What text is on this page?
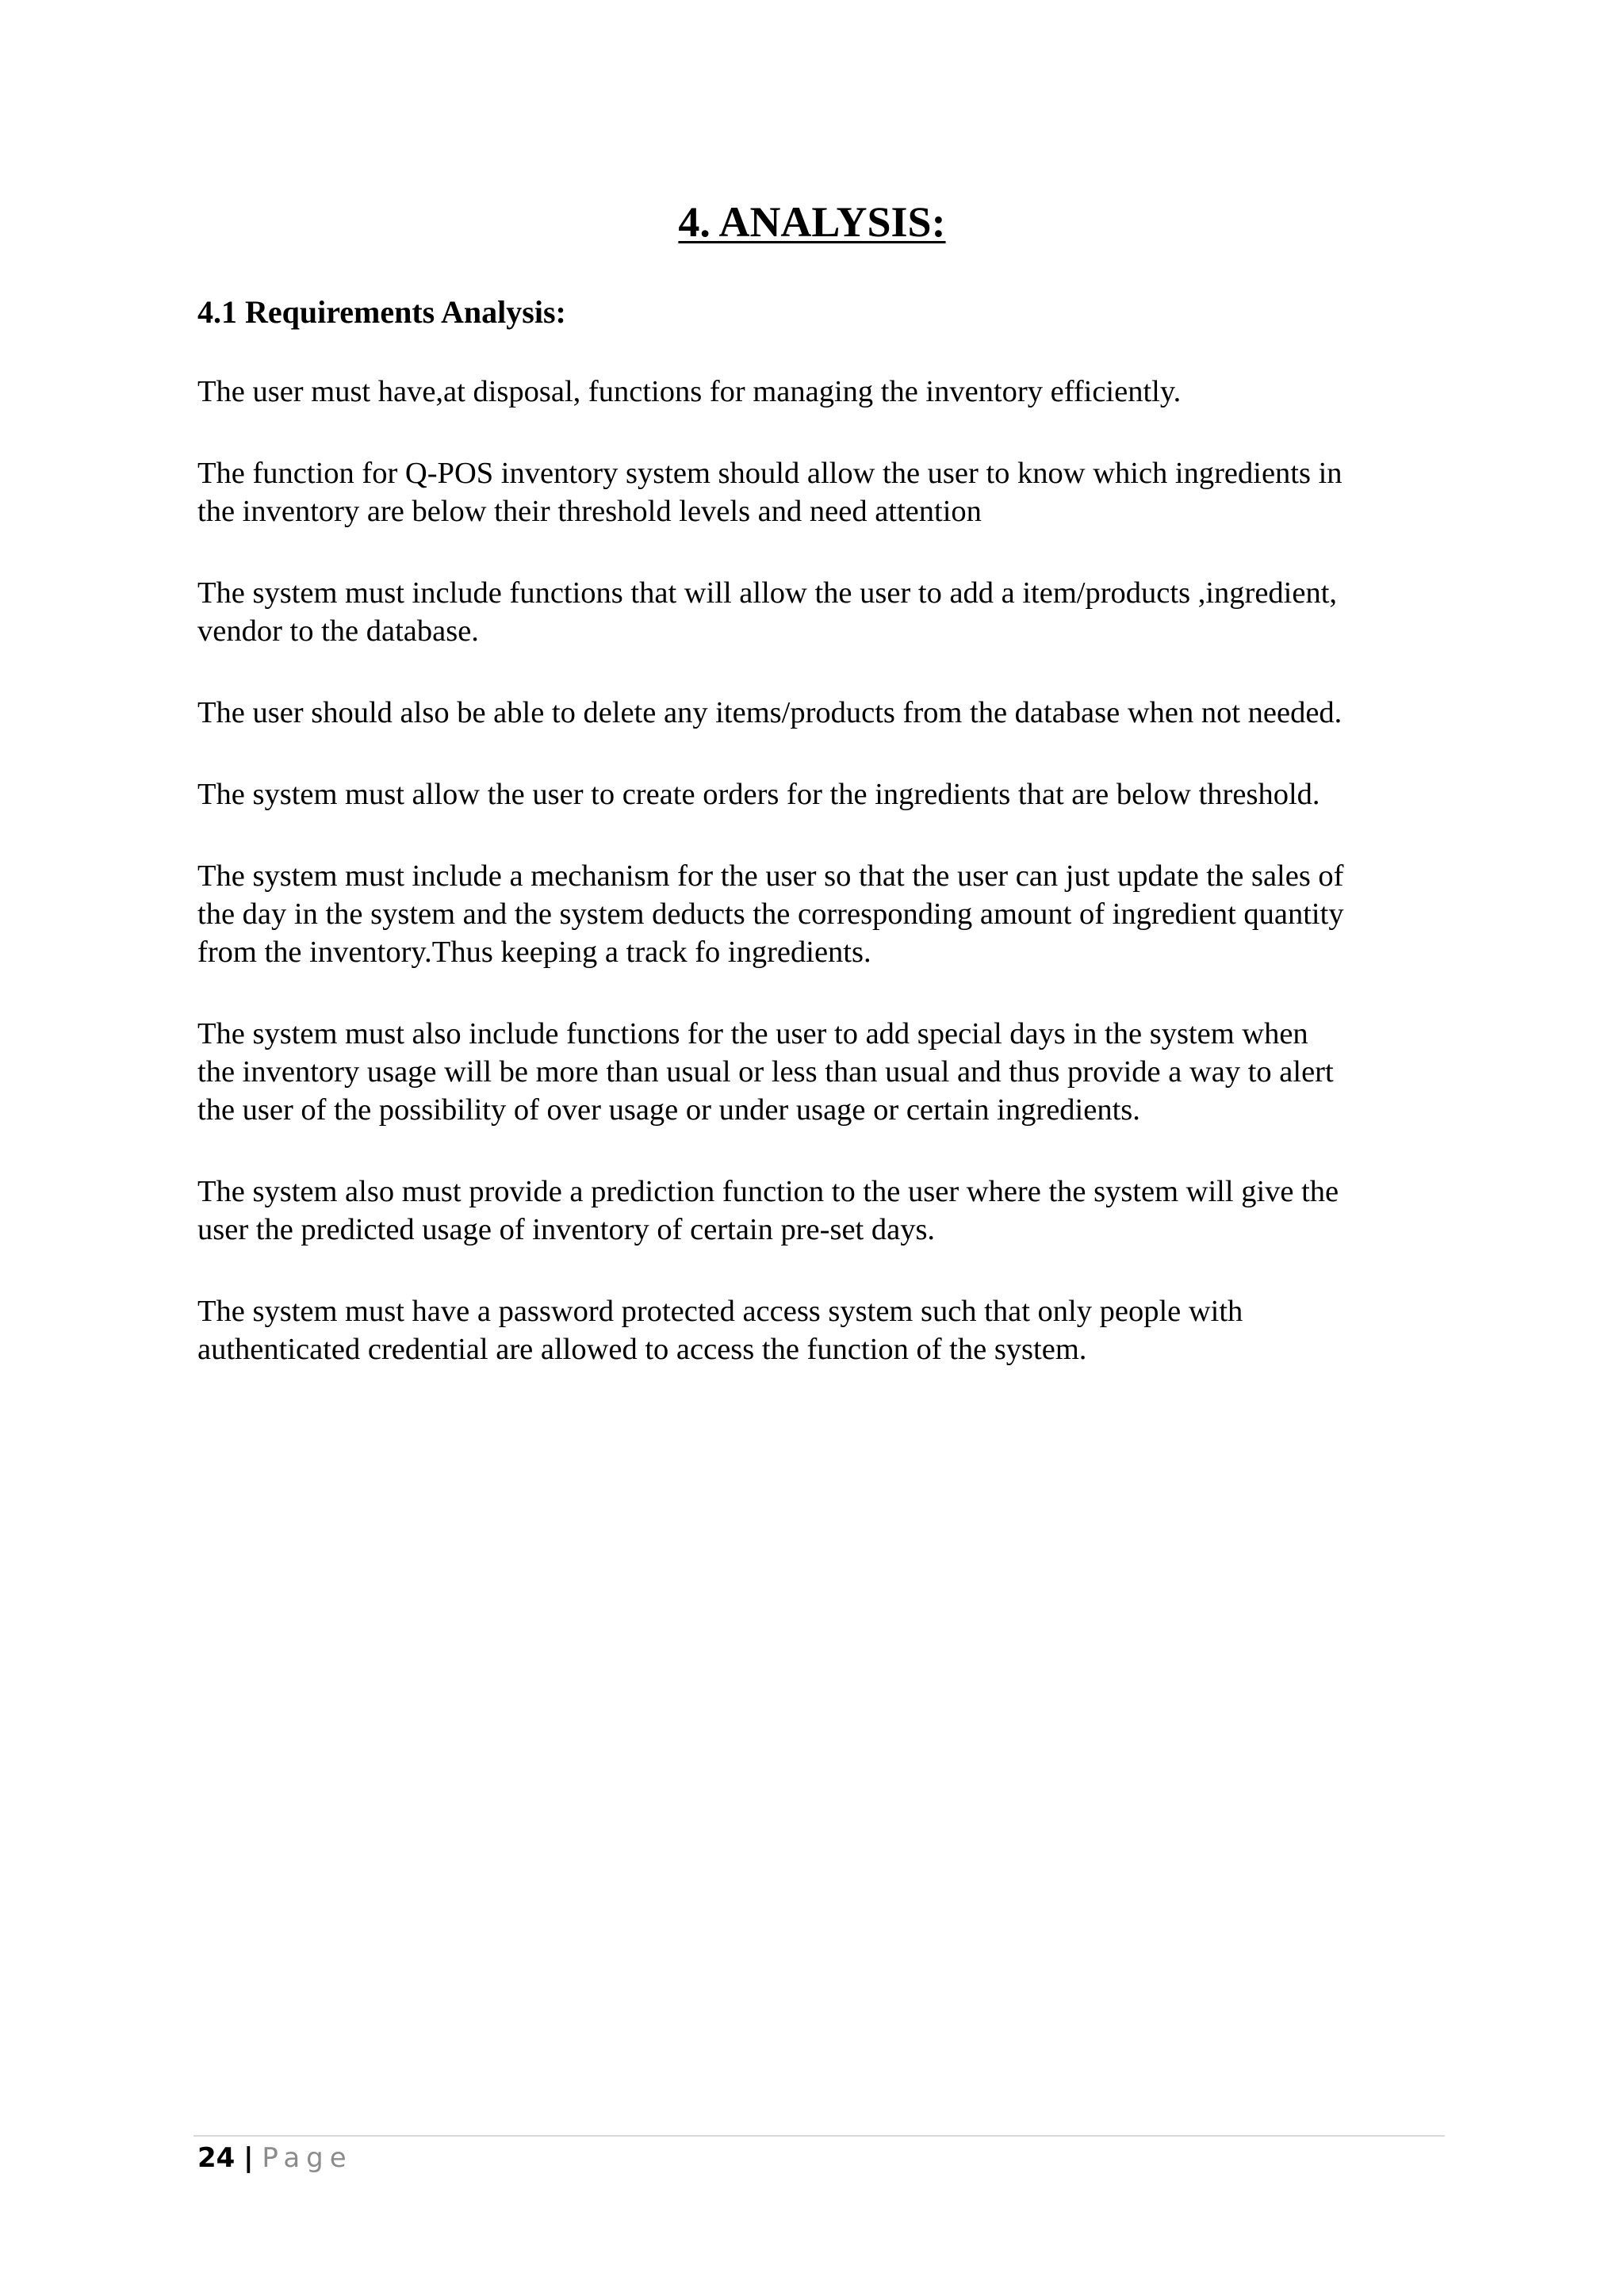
4. ANALYSIS:
4.1 Requirements Analysis:

The user must have,at disposal, functions for managing the inventory efficiently.

The function for Q-POS inventory system should allow the user to know which ingredients in
the inventory are below their threshold levels and need attention

The system must include functions that will allow the user to add a item/products ,ingredient,
vendor to the database.

The user should also be able to delete any items/products from the database when not needed.

The system must allow the user to create orders for the ingredients that are below threshold.

The system must include a mechanism for the user so that the user can just update the sales of
the day in the system and the system deducts the corresponding amount of ingredient quantity
from the inventory.Thus keeping a track fo ingredients.

The system must also include functions for the user to add special days in the system when
the inventory usage will be more than usual or less than usual and thus provide a way to alert
the user of the possibility of over usage or under usage or certain ingredients.

The system also must provide a prediction function to the user where the system will give the
user the predicted usage of inventory of certain pre-set days.

The system must have a password protected access system such that only people with
authenticated credential are allowed to access the function of the system.

24 | Page
